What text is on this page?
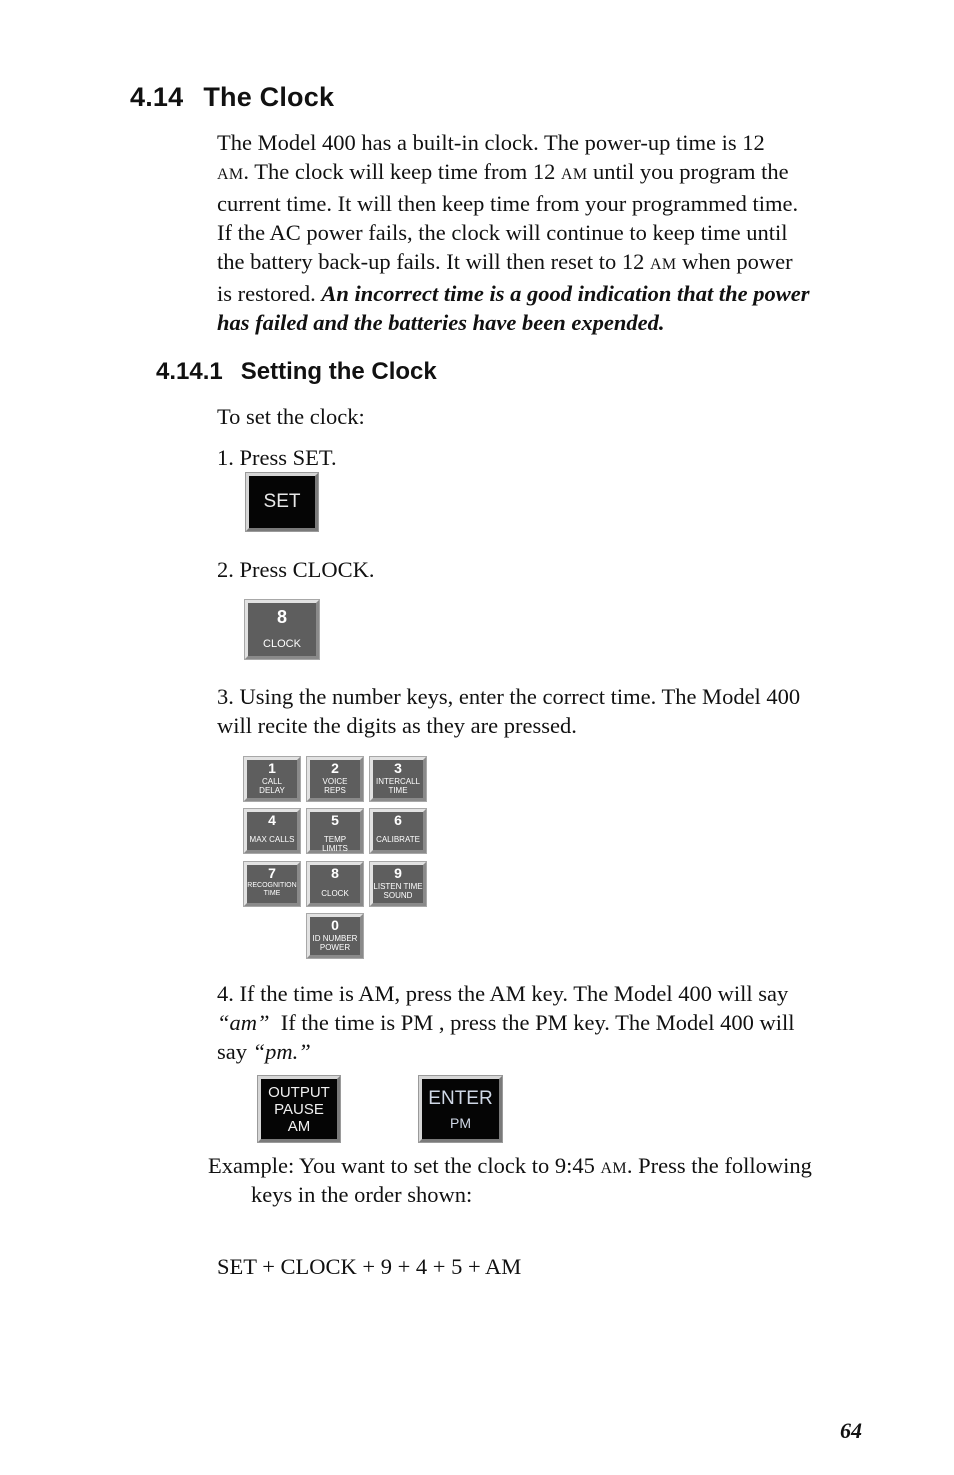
4.14 The Clock
The Model 400 has a built-in clock. The power-up time is 12
AM. The clock will keep time from 12 AM until you program the
current time. It will then keep time from your programmed time.
If the AC power fails, the clock will continue to keep time until
the battery back-up fails. It will then reset to 12 AM when power
is restored. An incorrect time is a good indication that the power
has failed and the batteries have been expended.
4.14.1 Setting the Clock
To set the clock:
1. Press SET.
SET
2. Press CLOCK.
8
CLOCK
3. Using the number keys, enter the correct time. The Model 400
will recite the digits as they are pressed.
1
CALL
DELAY
2
VOICE
REPS
3
INTERCALL
TIME
4
MAX CALLS
5
TEMP LIMITS
6
CALIBRATE
7
RECOGNITION
TIME
8
CLOCK
9
LISTEN TIME
SOUND
0
ID NUMBER
POWER
4. If the time is AM, press the AM key. The Model 400 will say
“am”  If the time is PM , press the PM key. The Model 400 will
say “pm.”
OUTPUT
PAUSE
AM
ENTER
PM
Example: You want to set the clock to 9:45 AM. Press the following
keys in the order shown:
SET + CLOCK + 9 + 4 + 5 + AM
64
